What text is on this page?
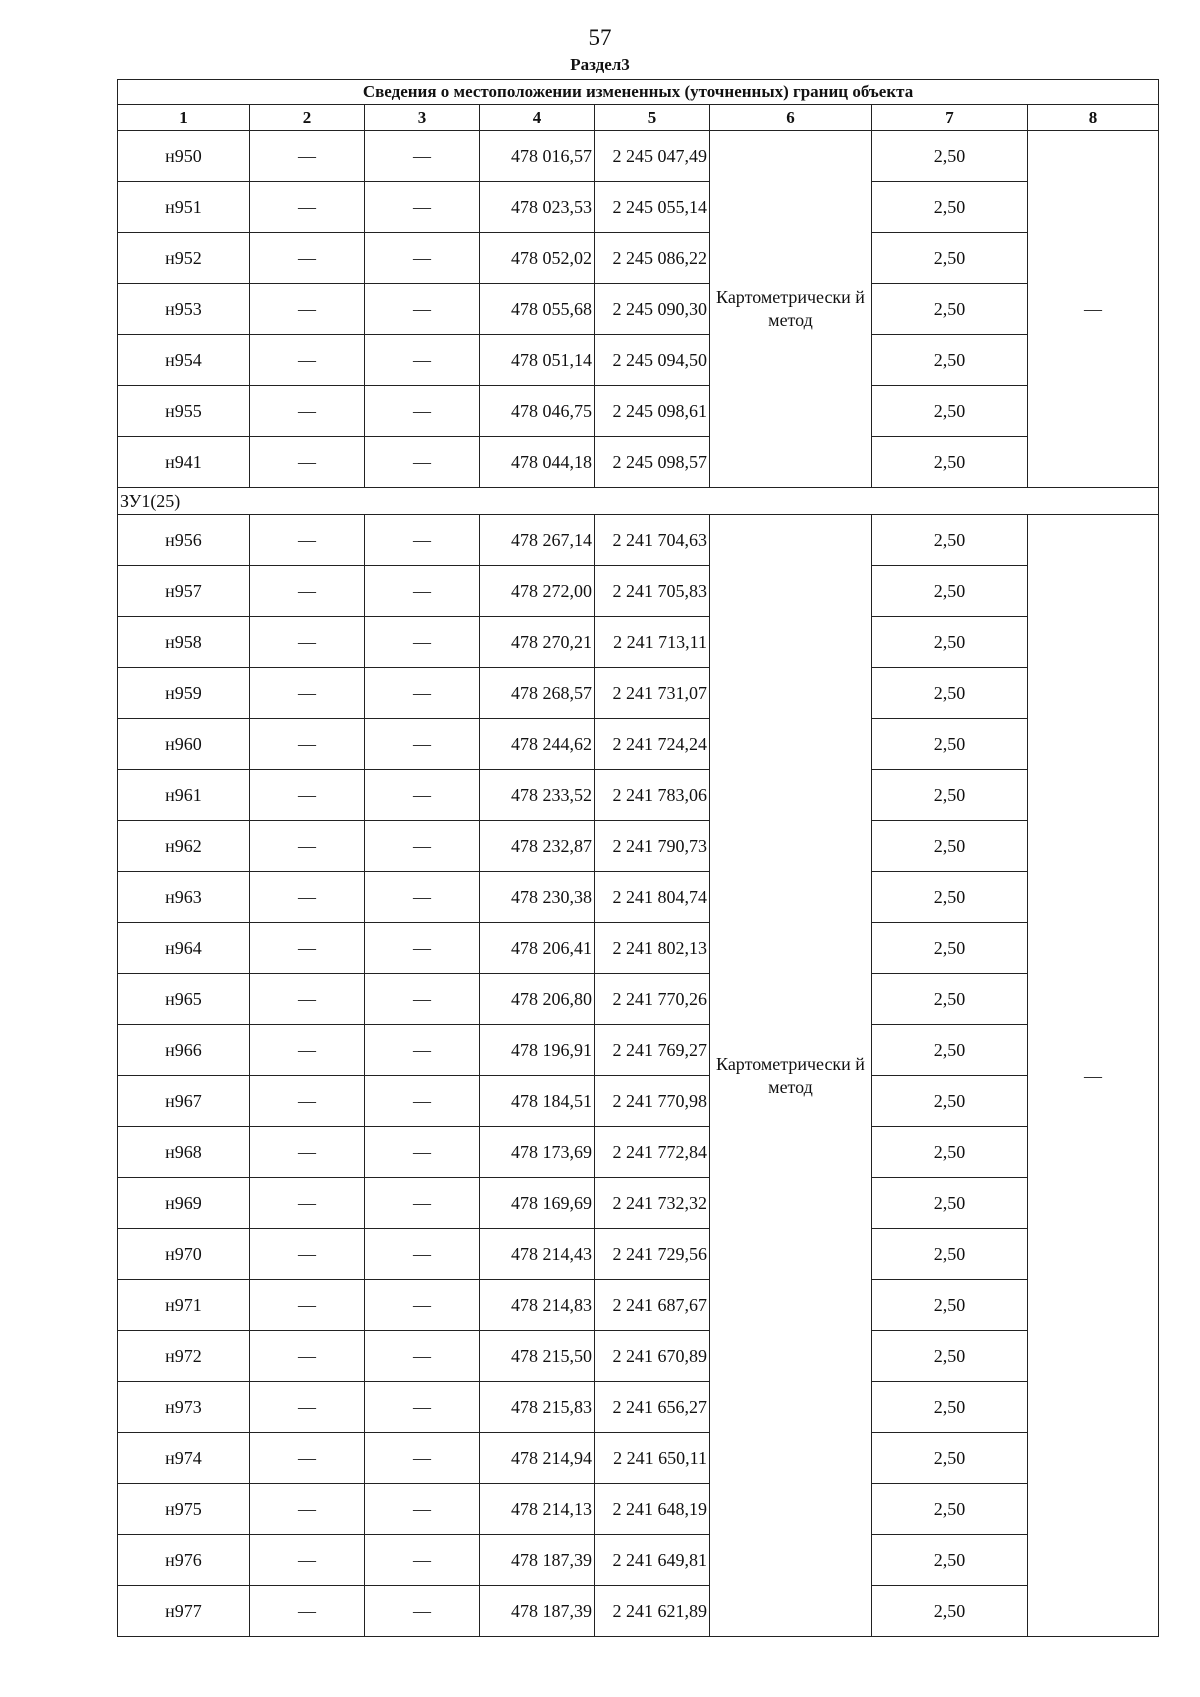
57
Раздел3
Сведения о местоположении измененных (уточненных) границ объекта							
1	2	3	4	5	6	7	8
н950	—	—	478 016,57	2 245 047,49	Картометрически й метод	2,50	—
н951	—	—	478 023,53	2 245 055,14		2,50	
н952	—	—	478 052,02	2 245 086,22		2,50	
н953	—	—	478 055,68	2 245 090,30		2,50	
н954	—	—	478 051,14	2 245 094,50		2,50	
н955	—	—	478 046,75	2 245 098,61		2,50	
н941	—	—	478 044,18	2 245 098,57		2,50	
ЗУ1(25)							
н956	—	—	478 267,14	2 241 704,63	Картометрически й метод	2,50	—
н957	—	—	478 272,00	2 241 705,83		2,50	
н958	—	—	478 270,21	2 241 713,11		2,50	
н959	—	—	478 268,57	2 241 731,07		2,50	
н960	—	—	478 244,62	2 241 724,24		2,50	
н961	—	—	478 233,52	2 241 783,06		2,50	
н962	—	—	478 232,87	2 241 790,73		2,50	
н963	—	—	478 230,38	2 241 804,74		2,50	
н964	—	—	478 206,41	2 241 802,13		2,50	
н965	—	—	478 206,80	2 241 770,26		2,50	
н966	—	—	478 196,91	2 241 769,27		2,50	
н967	—	—	478 184,51	2 241 770,98		2,50	
н968	—	—	478 173,69	2 241 772,84		2,50	
н969	—	—	478 169,69	2 241 732,32		2,50	
н970	—	—	478 214,43	2 241 729,56		2,50	
н971	—	—	478 214,83	2 241 687,67		2,50	
н972	—	—	478 215,50	2 241 670,89		2,50	
н973	—	—	478 215,83	2 241 656,27		2,50	
н974	—	—	478 214,94	2 241 650,11		2,50	
н975	—	—	478 214,13	2 241 648,19		2,50	
н976	—	—	478 187,39	2 241 649,81		2,50	
н977	—	—	478 187,39	2 241 621,89		2,50	
